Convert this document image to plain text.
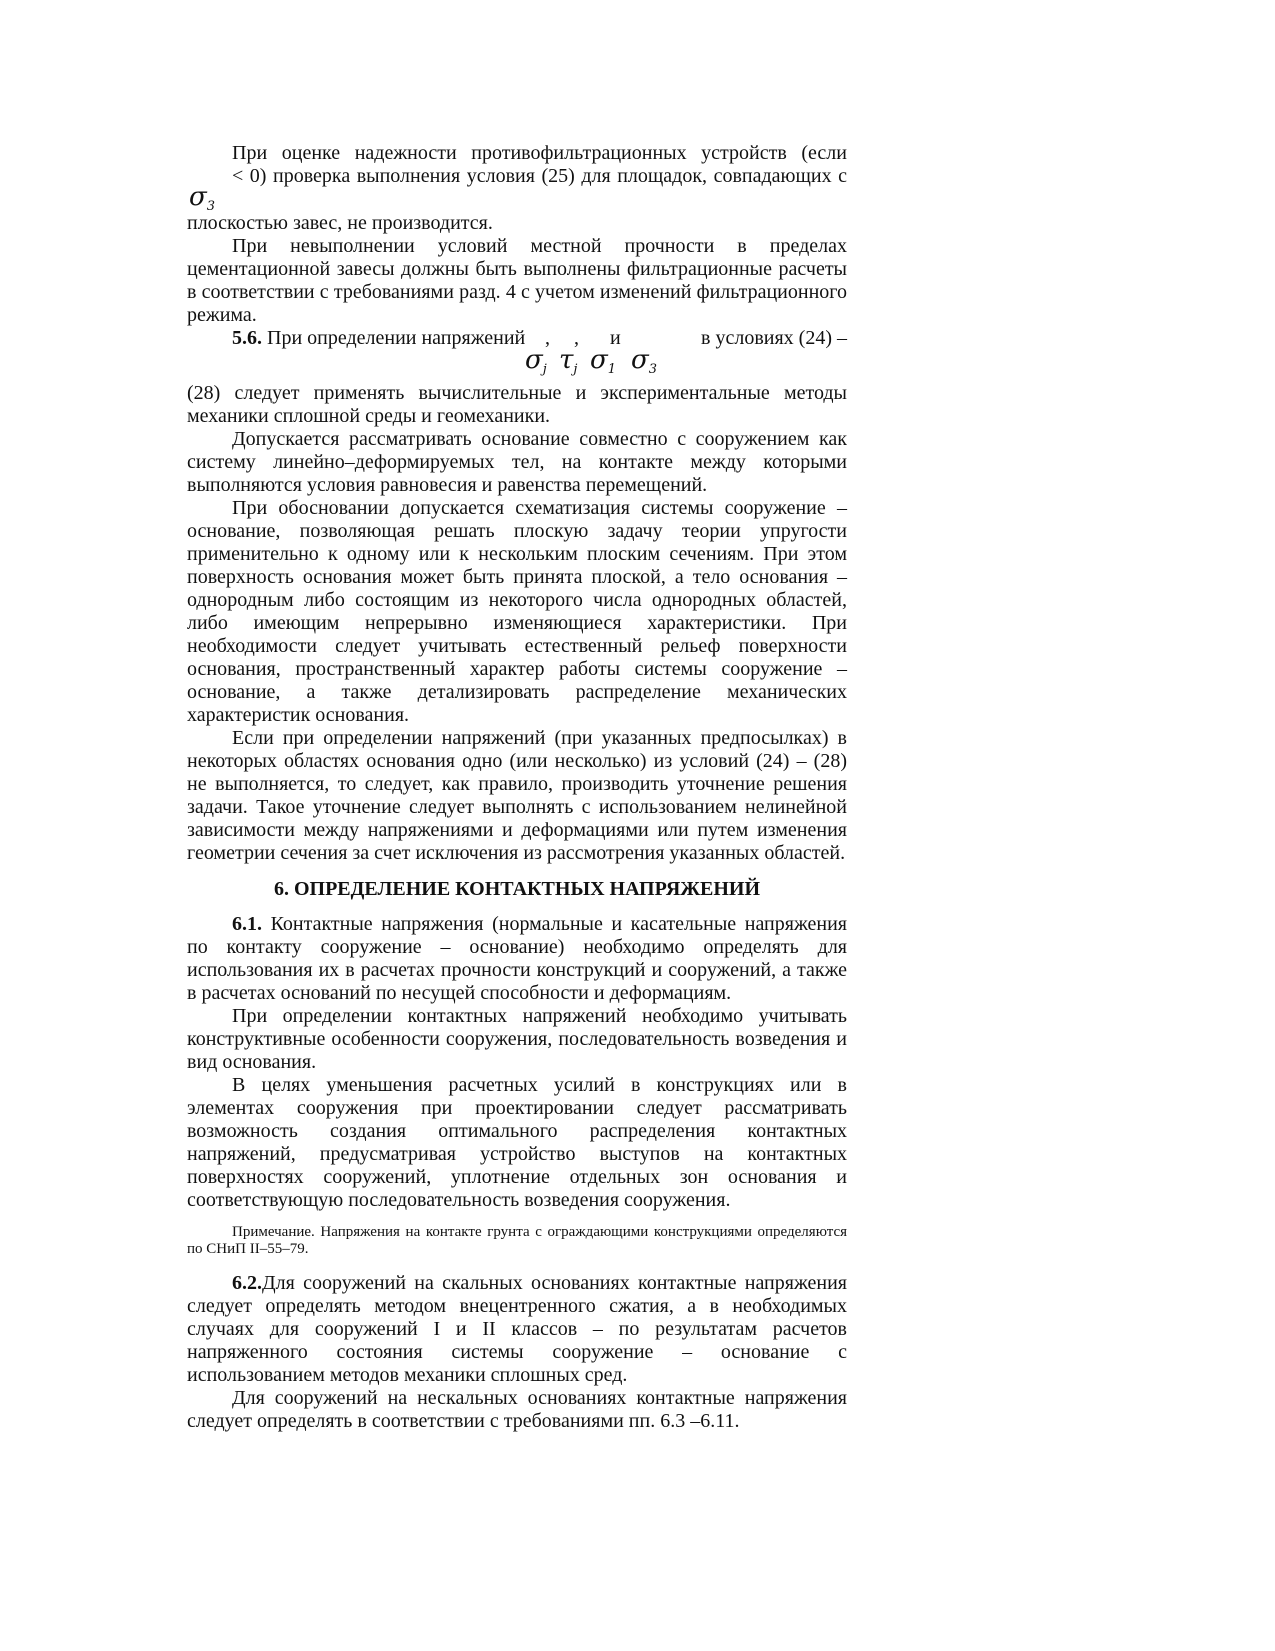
При оценке надежности противофильтрационных устройств (если

< 0) проверка выполнения условия (25) для площадок, совпадающих с

$\sigma_3$

плоскостью завес, не производится.

При невыполнении условий местной прочности в пределах цементационной завесы должны быть выполнены фильтрационные расчеты в соответствии с требованиями разд. 4 с учетом изменений фильтрационного режима.

5.6. При определении напряжений , , и	в условиях (24) –
$\sigma_j$ $\tau_j$ $\sigma_1$ $\sigma_3$

(28) следует применять вычислительные и экспериментальные методы механики сплошной среды и геомеханики.

Допускается рассматривать основание совместно с сооружением как систему линейно–деформируемых тел, на контакте между которыми выполняются условия равновесия и равенства перемещений.

При обосновании допускается схематизация системы сооружение – основание, позволяющая решать плоскую задачу теории упругости применительно к одному или к нескольким плоским сечениям. При этом поверхность основания может быть принята плоской, а тело основания – однородным либо состоящим из некоторого числа однородных областей, либо имеющим непрерывно изменяющиеся характеристики. При необходимости следует учитывать естественный рельеф поверхности основания, пространственный характер работы системы сооружение – основание, а также детализировать распределение механических характеристик основания.

Если при определении напряжений (при указанных предпосылках) в некоторых областях основания одно (или несколько) из условий (24) – (28) не выполняется, то следует, как правило, производить уточнение решения задачи. Такое уточнение следует выполнять с использованием нелинейной зависимости между напряжениями и деформациями или путем изменения геометрии сечения за счет исключения из рассмотрения указанных областей.

6. ОПРЕДЕЛЕНИЕ КОНТАКТНЫХ НАПРЯЖЕНИЙ

6.1. Контактные напряжения (нормальные и касательные напряжения по контакту сооружение – основание) необходимо определять для использования их в расчетах прочности конструкций и сооружений, а также в расчетах оснований по несущей способности и деформациям.

При определении контактных напряжений необходимо учитывать конструктивные особенности сооружения, последовательность возведения и вид основания.

В целях уменьшения расчетных усилий в конструкциях или в элементах сооружения при проектировании следует рассматривать возможность создания оптимального распределения контактных напряжений, предусматривая устройство выступов на контактных поверхностях сооружений, уплотнение отдельных зон основания и соответствующую последовательность возведения сооружения.

Примечание. Напряжения на контакте грунта с ограждающими конструкциями определяются по СНиП II–55–79.

6.2.Для сооружений на скальных основаниях контактные напряжения следует определять методом внецентренного сжатия, а в необходимых случаях для сооружений I и II классов – по результатам расчетов напряженного состояния системы сооружение – основание с использованием методов механики сплошных сред.

Для сооружений на нескальных основаниях контактные напряжения следует определять в соответствии с требованиями пп. 6.3 –6.11.
